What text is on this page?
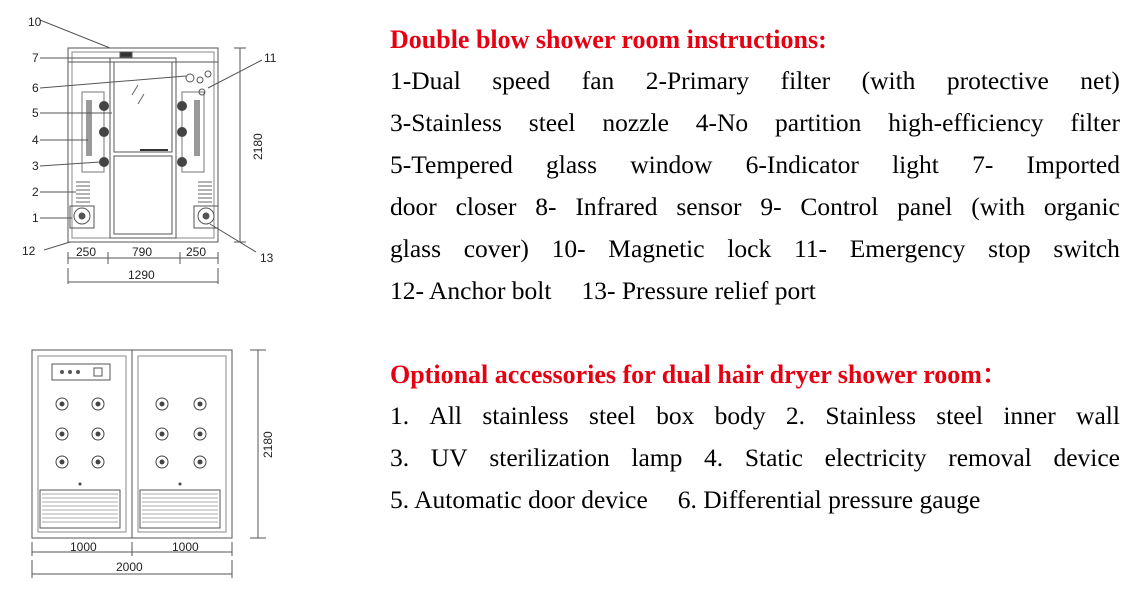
10
7
6
5
4
3
2
1
12
11
13
250	790	250
1290
2180
1000	1000
2000
2180
Double blow shower room instructions:
1-Dual speed fan 2-Primary filter (with protective net)
3-Stainless steel nozzle 4-No partition high-efficiency filter
5-Tempered glass window 6-Indicator light 7- Imported
door closer 8- Infrared sensor 9- Control panel (with organic
glass cover) 10- Magnetic lock 11- Emergency stop switch
12- Anchor bolt 13- Pressure relief port
Optional accessories for dual hair dryer shower room：
1. All stainless steel box body 2. Stainless steel inner wall
3. UV sterilization lamp 4. Static electricity removal device
5. Automatic door device 6. Differential pressure gauge
